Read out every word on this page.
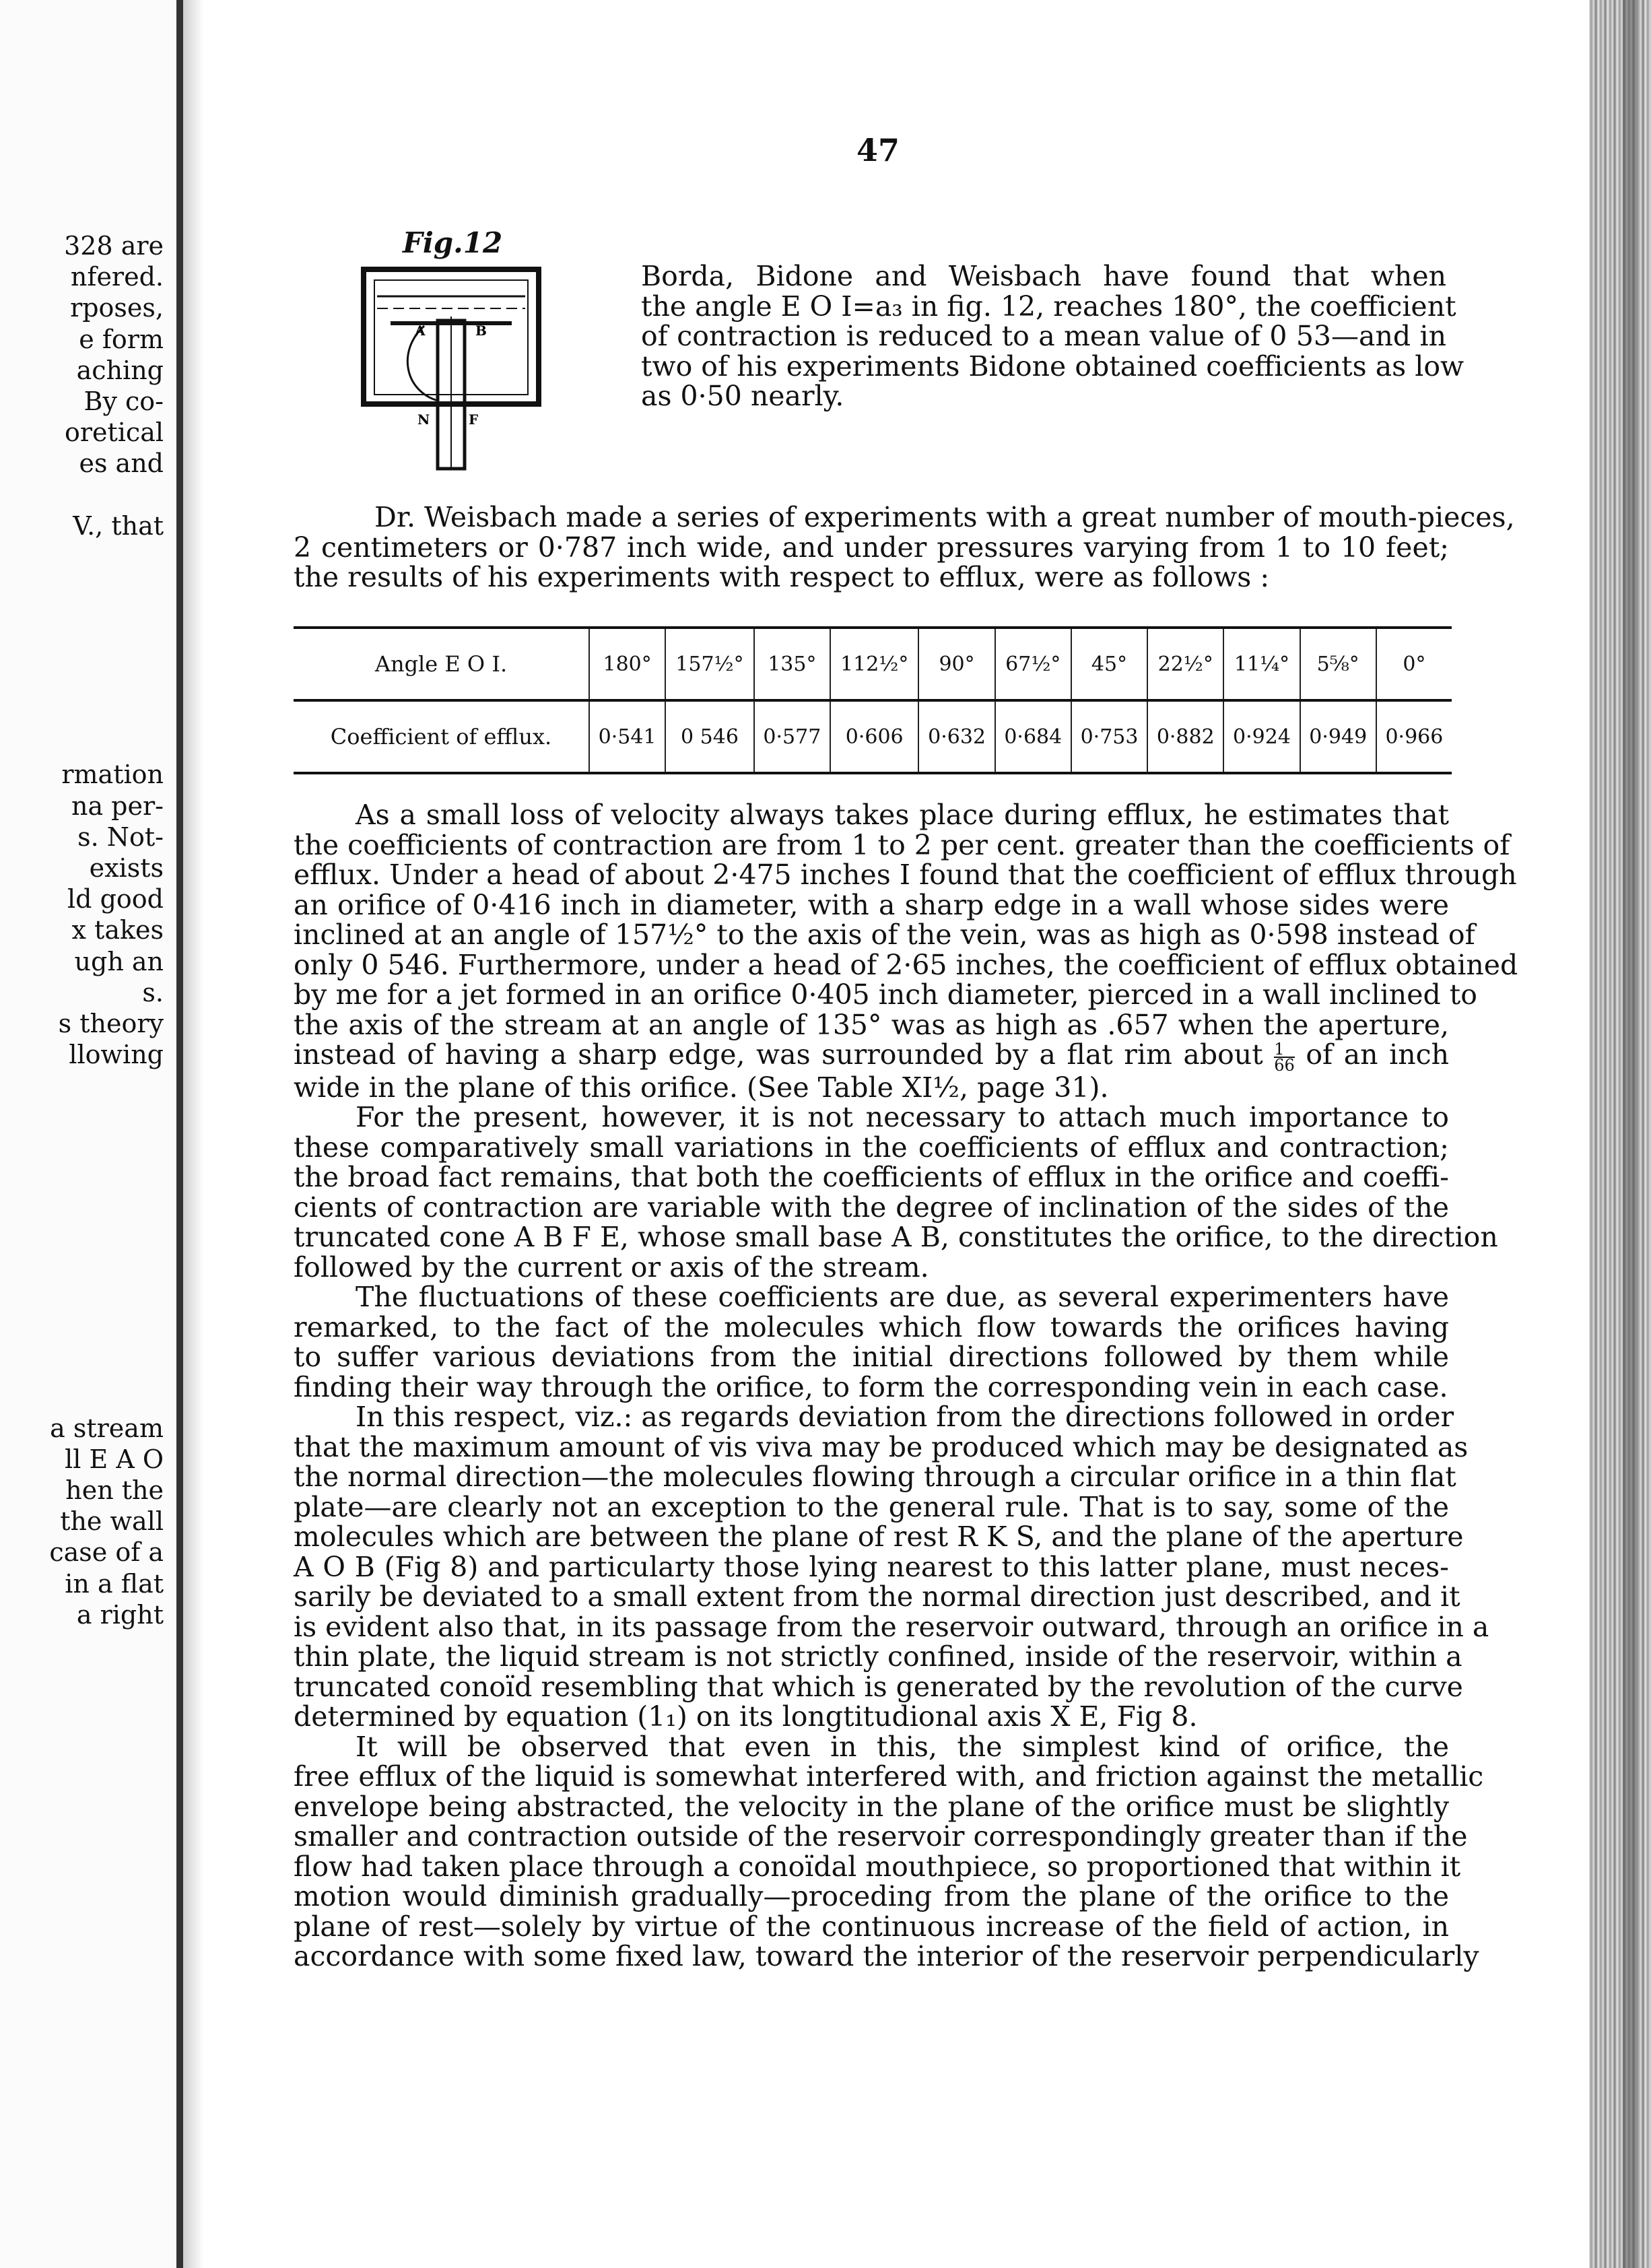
328 are
nfered.
rposes,
e form
aching
By co-
oretical
es and
V., that
rmation
na per-
s. Not-
exists
ld good
x takes
ugh an
s.
s theory
llowing
a stream
ll E A O
hen the
the wall
case of a
in a flat
a right
47
Fig.12
A	B
N	F
Borda, Bidone and Weisbach have found that when
the angle E O I=a₃ in fig. 12, reaches 180°, the coefficient
of contraction is reduced to a mean value of 0 53—and in
two of his experiments Bidone obtained coefficients as low
as 0·50 nearly.
Dr. Weisbach made a series of experiments with a great number of mouth-pieces,
2 centimeters or 0·787 inch wide, and under pressures varying from 1 to 10 feet;
the results of his experiments with respect to efflux, were as follows :
Angle E O I.	180°	157½°	135°	112½°	90°	67½°	45°	22½°	11¼°	5⅝°	0°
Coefficient of efflux.	0·541	0 546	0·577	0·606	0·632	0·684	0·753	0·882	0·924	0·949	0·966
As a small loss of velocity always takes place during efflux, he estimates that
the coefficients of contraction are from 1 to 2 per cent. greater than the coefficients of
efflux. Under a head of about 2·475 inches I found that the coefficient of efflux through
an orifice of 0·416 inch in diameter, with a sharp edge in a wall whose sides were
inclined at an angle of 157½° to the axis of the vein, was as high as 0·598 instead of
only 0 546. Furthermore, under a head of 2·65 inches, the coefficient of efflux obtained
by me for a jet formed in an orifice 0·405 inch diameter, pierced in a wall inclined to
the axis of the stream at an angle of 135° was as high as .657 when the aperture,
instead of having a sharp edge, was surrounded by a flat rim about $\frac{1}{66}$ of an inch
wide in the plane of this orifice. (See Table XI½, page 31).
For the present, however, it is not necessary to attach much importance to
these comparatively small variations in the coefficients of efflux and contraction;
the broad fact remains, that both the coefficients of efflux in the orifice and coeffi-
cients of contraction are variable with the degree of inclination of the sides of the
truncated cone A B F E, whose small base A B, constitutes the orifice, to the direction
followed by the current or axis of the stream.
The fluctuations of these coefficients are due, as several experimenters have
remarked, to the fact of the molecules which flow towards the orifices having
to suffer various deviations from the initial directions followed by them while
finding their way through the orifice, to form the corresponding vein in each case.
In this respect, viz.: as regards deviation from the directions followed in order
that the maximum amount of vis viva may be produced which may be designated as
the normal direction—the molecules flowing through a circular orifice in a thin flat
plate—are clearly not an exception to the general rule. That is to say, some of the
molecules which are between the plane of rest R K S, and the plane of the aperture
A O B (Fig 8) and particularty those lying nearest to this latter plane, must neces-
sarily be deviated to a small extent from the normal direction just described, and it
is evident also that, in its passage from the reservoir outward, through an orifice in a
thin plate, the liquid stream is not strictly confined, inside of the reservoir, within a
truncated conoïd resembling that which is generated by the revolution of the curve
determined by equation (1₁) on its longtitudional axis X E, Fig 8.
It will be observed that even in this, the simplest kind of orifice, the
free efflux of the liquid is somewhat interfered with, and friction against the metallic
envelope being abstracted, the velocity in the plane of the orifice must be slightly
smaller and contraction outside of the reservoir correspondingly greater than if the
flow had taken place through a conoïdal mouthpiece, so proportioned that within it
motion would diminish gradually—proceding from the plane of the orifice to the
plane of rest—solely by virtue of the continuous increase of the field of action, in
accordance with some fixed law, toward the interior of the reservoir perpendicularly
